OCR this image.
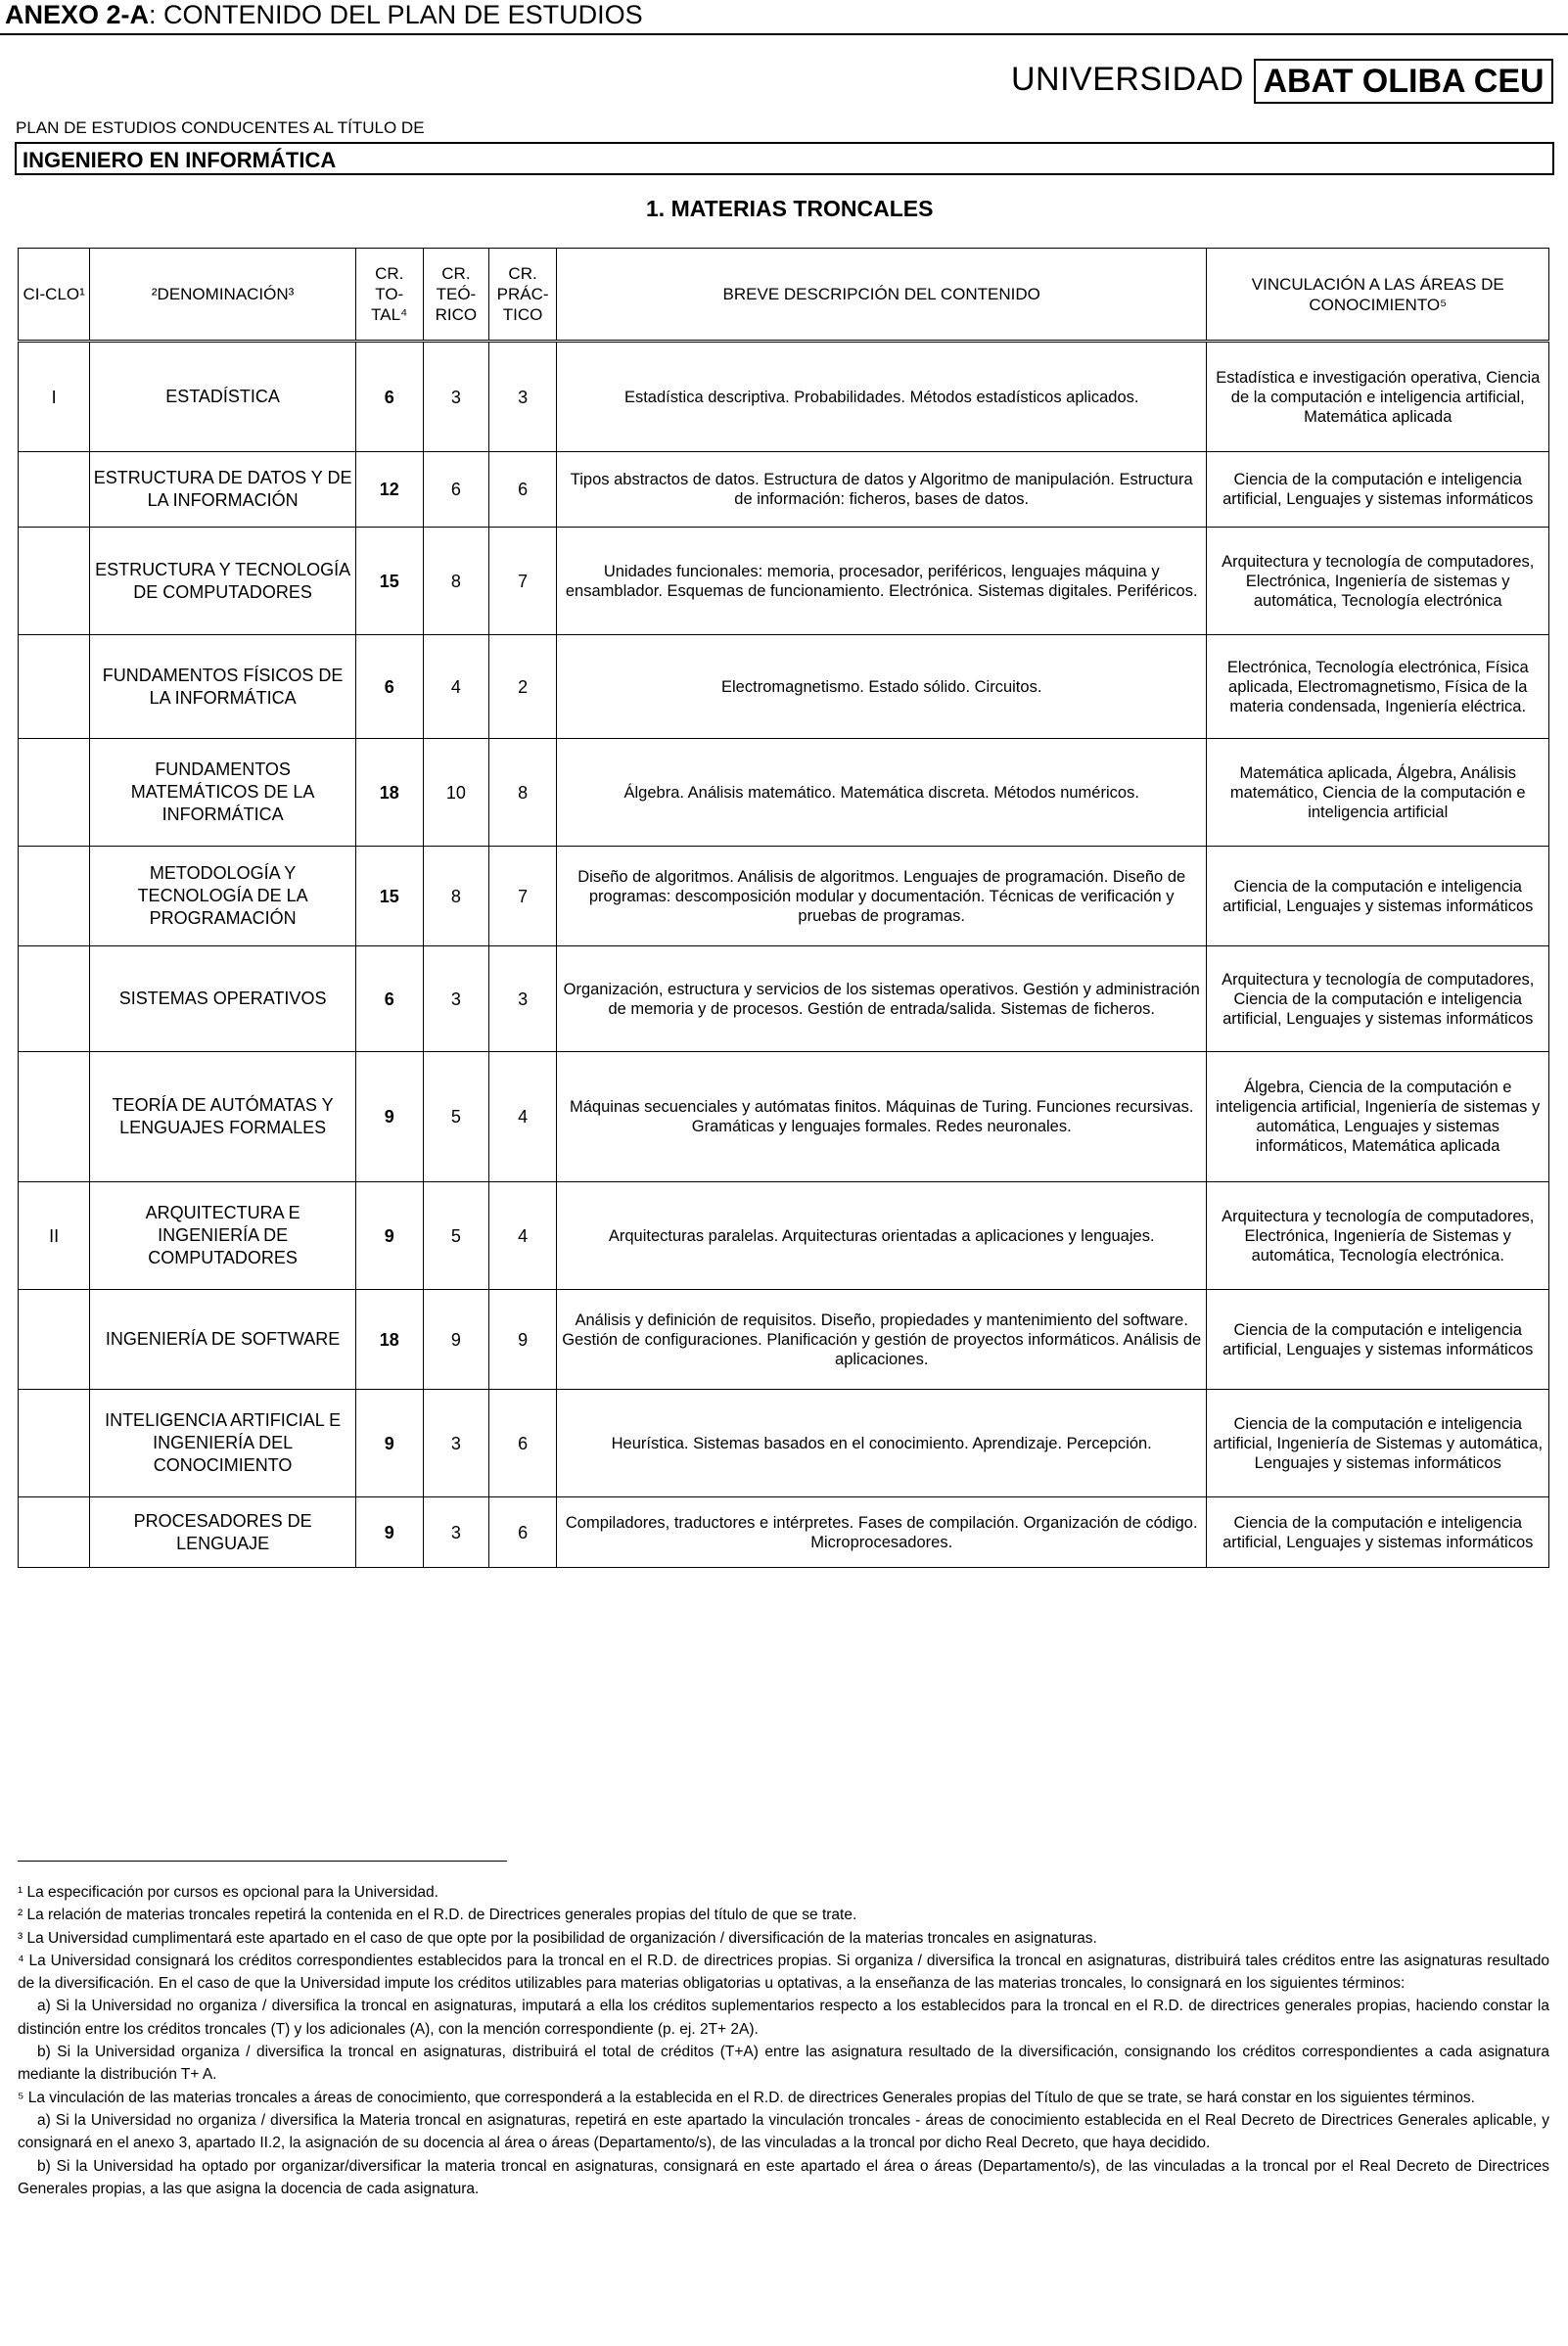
ANEXO 2-A: CONTENIDO DEL PLAN DE ESTUDIOS
UNIVERSIDAD ABAT OLIBA CEU
PLAN DE ESTUDIOS CONDUCENTES AL TÍTULO DE
INGENIERO EN INFORMÁTICA
1. MATERIAS TRONCALES
CI-CLO¹	²DENOMINACIÓN³	CR. TO-TAL⁴	CR. TEÓ-RICO	CR. PRÁC-TICO	BREVE DESCRIPCIÓN DEL CONTENIDO	VINCULACIÓN A LAS ÁREAS DE CONOCIMIENTO⁵
I	ESTADÍSTICA	6	3	3	Estadística descriptiva. Probabilidades. Métodos estadísticos aplicados.	Estadística e investigación operativa, Ciencia de la computación e inteligencia artificial, Matemática aplicada
	ESTRUCTURA DE DATOS Y DE LA INFORMACIÓN	12	6	6	Tipos abstractos de datos. Estructura de datos y Algoritmo de manipulación. Estructura de información: ficheros, bases de datos.	Ciencia de la computación e inteligencia artificial, Lenguajes y sistemas informáticos
	ESTRUCTURA Y TECNOLOGÍA DE COMPUTADORES	15	8	7	Unidades funcionales: memoria, procesador, periféricos, lenguajes máquina y ensamblador. Esquemas de funcionamiento. Electrónica. Sistemas digitales. Periféricos.	Arquitectura y tecnología de computadores, Electrónica, Ingeniería de sistemas y automática, Tecnología electrónica
	FUNDAMENTOS FÍSICOS DE LA INFORMÁTICA	6	4	2	Electromagnetismo. Estado sólido. Circuitos.	Electrónica, Tecnología electrónica, Física aplicada, Electromagnetismo, Física de la materia condensada, Ingeniería eléctrica.
	FUNDAMENTOS MATEMÁTICOS DE LA INFORMÁTICA	18	10	8	Álgebra. Análisis matemático. Matemática discreta. Métodos numéricos.	Matemática aplicada, Álgebra, Análisis matemático, Ciencia de la computación e inteligencia artificial
	METODOLOGÍA Y TECNOLOGÍA DE LA PROGRAMACIÓN	15	8	7	Diseño de algoritmos. Análisis de algoritmos. Lenguajes de programación. Diseño de programas: descomposición modular y documentación. Técnicas de verificación y pruebas de programas.	Ciencia de la computación e inteligencia artificial, Lenguajes y sistemas informáticos
	SISTEMAS OPERATIVOS	6	3	3	Organización, estructura y servicios de los sistemas operativos. Gestión y administración de memoria y de procesos. Gestión de entrada/salida. Sistemas de ficheros.	Arquitectura y tecnología de computadores, Ciencia de la computación e inteligencia artificial, Lenguajes y sistemas informáticos
	TEORÍA DE AUTÓMATAS Y LENGUAJES FORMALES	9	5	4	Máquinas secuenciales y autómatas finitos. Máquinas de Turing. Funciones recursivas. Gramáticas y lenguajes formales. Redes neuronales.	Álgebra, Ciencia de la computación e inteligencia artificial, Ingeniería de sistemas y automática, Lenguajes y sistemas informáticos, Matemática aplicada
II	ARQUITECTURA E INGENIERÍA DE COMPUTADORES	9	5	4	Arquitecturas paralelas. Arquitecturas orientadas a aplicaciones y lenguajes.	Arquitectura y tecnología de computadores, Electrónica, Ingeniería de Sistemas y automática, Tecnología electrónica.
	INGENIERÍA DE SOFTWARE	18	9	9	Análisis y definición de requisitos. Diseño, propiedades y mantenimiento del software. Gestión de configuraciones. Planificación y gestión de proyectos informáticos. Análisis de aplicaciones.	Ciencia de la computación e inteligencia artificial, Lenguajes y sistemas informáticos
	INTELIGENCIA ARTIFICIAL E INGENIERÍA DEL CONOCIMIENTO	9	3	6	Heurística. Sistemas basados en el conocimiento. Aprendizaje. Percepción.	Ciencia de la computación e inteligencia artificial, Ingeniería de Sistemas y automática, Lenguajes y sistemas informáticos
	PROCESADORES DE LENGUAJE	9	3	6	Compiladores, traductores e intérpretes. Fases de compilación. Organización de código. Microprocesadores.	Ciencia de la computación e inteligencia artificial, Lenguajes y sistemas informáticos

¹ La especificación por cursos es opcional para la Universidad.

² La relación de materias troncales repetirá la contenida en el R.D. de Directrices generales propias del título de que se trate.

³ La Universidad cumplimentará este apartado en el caso de que opte por la posibilidad de organización / diversificación de la materias troncales en asignaturas.

⁴ La Universidad consignará los créditos correspondientes establecidos para la troncal en el R.D. de directrices propias. Si organiza / diversifica la troncal en asignaturas, distribuirá tales créditos entre las asignaturas resultado de la diversificación. En el caso de que la Universidad impute los créditos utilizables para materias obligatorias u optativas, a la enseñanza de las materias troncales, lo consignará en los siguientes términos:

a) Si la Universidad no organiza / diversifica la troncal en asignaturas, imputará a ella los créditos suplementarios respecto a los establecidos para la troncal en el R.D. de directrices generales propias, haciendo constar la distinción entre los créditos troncales (T) y los adicionales (A), con la mención correspondiente (p. ej. 2T+ 2A).

b) Si la Universidad organiza / diversifica la troncal en asignaturas, distribuirá el total de créditos (T+A) entre las asignatura resultado de la diversificación, consignando los créditos correspondientes a cada asignatura mediante la distribución T+ A.

⁵ La vinculación de las materias troncales a áreas de conocimiento, que corresponderá a la establecida en el R.D. de directrices Generales propias del Título de que se trate, se hará constar en los siguientes términos.

a) Si la Universidad no organiza / diversifica la Materia troncal en asignaturas, repetirá en este apartado la vinculación troncales - áreas de conocimiento establecida en el Real Decreto de Directrices Generales aplicable, y consignará en el anexo 3, apartado II.2, la asignación de su docencia al área o áreas (Departamento/s), de las vinculadas a la troncal por dicho Real Decreto, que haya decidido.

b) Si la Universidad ha optado por organizar/diversificar la materia troncal en asignaturas, consignará en este apartado el área o áreas (Departamento/s), de las vinculadas a la troncal por el Real Decreto de Directrices Generales propias, a las que asigna la docencia de cada asignatura.
